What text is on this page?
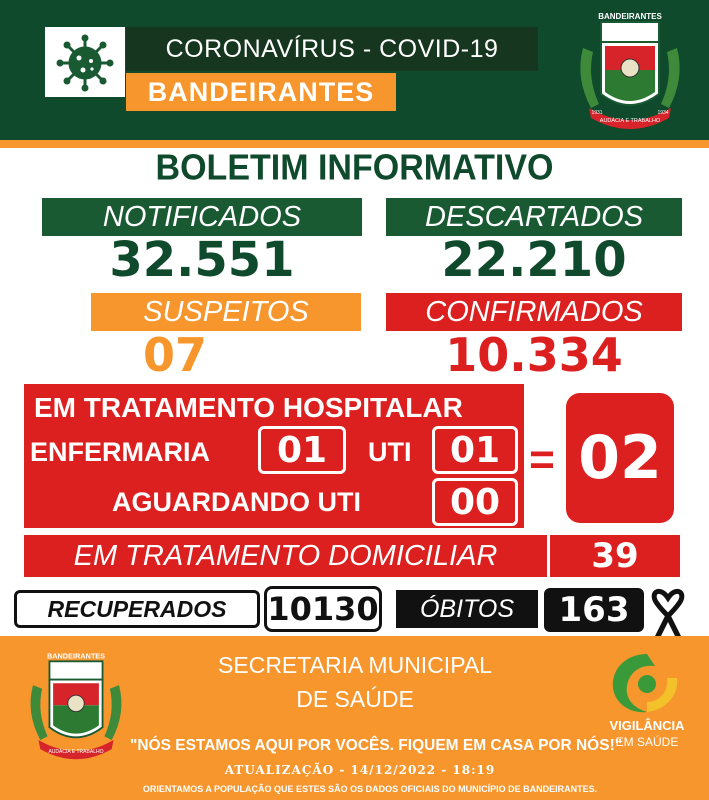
CORONAVÍRUS - COVID-19
BANDEIRANTES
BANDEIRANTES
AUDÁCIA E TRABALHO
1931	1934
BOLETIM INFORMATIVO
NOTIFICADOS	DESCARTADOS
32.551	22.210
SUSPEITOS	CONFIRMADOS
07	10.334
EM TRATAMENTO HOSPITALAR
ENFERMARIA	01	UTI	01
AGUARDANDO UTI	00
= 02
EM TRATAMENTO DOMICILIAR	39
RECUPERADOS	10130	ÓBITOS	163
BANDEIRANTES
AUDÁCIA E TRABALHO
SECRETARIA MUNICIPAL
DE SAÚDE
"NÓS ESTAMOS AQUI POR VOCÊS. FIQUEM EM CASA POR NÓS!"
ATUALIZAÇÃO - 14/12/2022 - 18:19
ORIENTAMOS A POPULAÇÃO QUE ESTES SÃO OS DADOS OFICIAIS DO MUNICÍPIO DE BANDEIRANTES.
VIGILÂNCIA
EM SAÚDE
